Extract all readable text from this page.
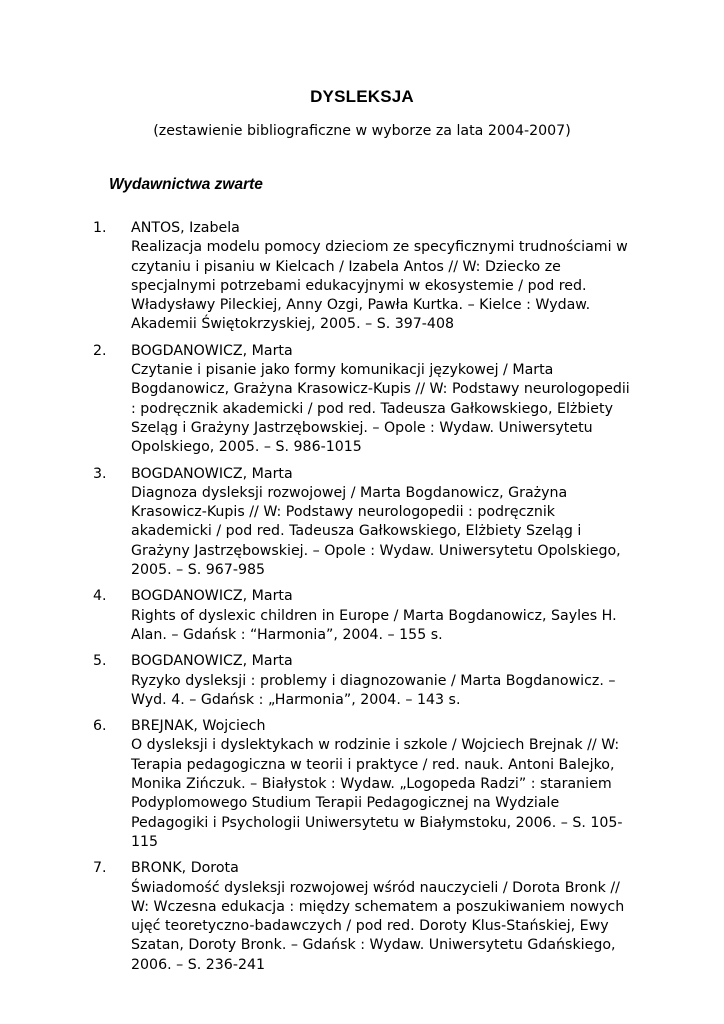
DYSLEKSJA
(zestawienie bibliograficzne w wyborze za lata 2004-2007)
Wydawnictwa zwarte
1. ANTOS, Izabela
Realizacja modelu pomocy dzieciom ze specyficznymi trudnościami w czytaniu i pisaniu w Kielcach / Izabela Antos // W: Dziecko ze specjalnymi potrzebami edukacyjnymi w ekosystemie / pod red. Władysławy Pileckiej, Anny Ozgi, Pawła Kurtka. – Kielce : Wydaw. Akademii Świętokrzyskiej, 2005. – S. 397-408
2. BOGDANOWICZ, Marta
Czytanie i pisanie jako formy komunikacji językowej / Marta Bogdanowicz, Grażyna Krasowicz-Kupis // W: Podstawy neurologopedii : podręcznik akademicki / pod red. Tadeusza Gałkowskiego, Elżbiety Szeląg i Grażyny Jastrzębowskiej. – Opole : Wydaw. Uniwersytetu Opolskiego, 2005. – S. 986-1015
3. BOGDANOWICZ, Marta
Diagnoza dysleksji rozwojowej / Marta Bogdanowicz, Grażyna Krasowicz-Kupis // W: Podstawy neurologopedii : podręcznik akademicki / pod red. Tadeusza Gałkowskiego, Elżbiety Szeląg i Grażyny Jastrzębowskiej. – Opole : Wydaw. Uniwersytetu Opolskiego, 2005. – S. 967-985
4. BOGDANOWICZ, Marta
Rights of dyslexic children in Europe / Marta Bogdanowicz, Sayles H. Alan. – Gdańsk : “Harmonia”, 2004. – 155 s.
5. BOGDANOWICZ, Marta
Ryzyko dysleksji : problemy i diagnozowanie / Marta Bogdanowicz. – Wyd. 4. – Gdańsk : „Harmonia”, 2004. – 143 s.
6. BREJNAK, Wojciech
O dysleksji i dyslektykach w rodzinie i szkole / Wojciech Brejnak // W: Terapia pedagogiczna w teorii i praktyce / red. nauk. Antoni Balejko, Monika Zińczuk. – Białystok : Wydaw. „Logopeda Radzi” : staraniem Podyplomowego Studium Terapii Pedagogicznej na Wydziale Pedagogiki i Psychologii Uniwersytetu w Białymstoku, 2006. – S. 105-115
7. BRONK, Dorota
Świadomość dysleksji rozwojowej wśród nauczycieli / Dorota Bronk // W: Wczesna edukacja : między schematem a poszukiwaniem nowych ujęć teoretyczno-badawczych / pod red. Doroty Klus-Stańskiej, Ewy Szatan, Doroty Bronk. – Gdańsk : Wydaw. Uniwersytetu Gdańskiego, 2006. – S. 236-241
